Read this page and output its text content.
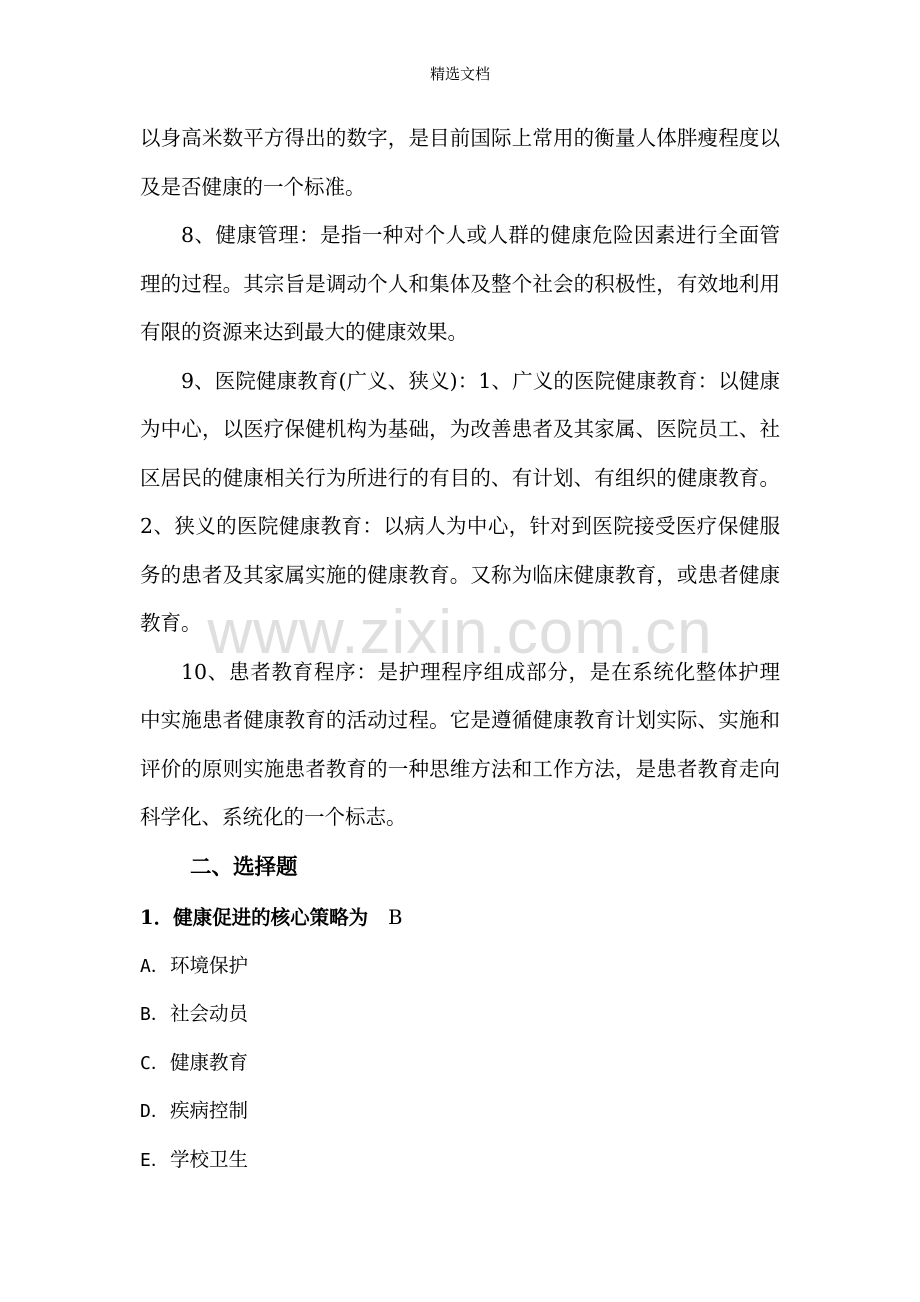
精选文档

以身高米数平方得出的数字，是目前国际上常用的衡量人体胖瘦程度以及是否健康的一个标准。

8、健康管理：是指一种对个人或人群的健康危险因素进行全面管理的过程。其宗旨是调动个人和集体及整个社会的积极性，有效地利用有限的资源来达到最大的健康效果。

9、医院健康教育(广义、狭义)：1、广义的医院健康教育：以健康为中心，以医疗保健机构为基础，为改善患者及其家属、医院员工、社区居民的健康相关行为所进行的有目的、有计划、有组织的健康教育。2、狭义的医院健康教育：以病人为中心，针对到医院接受医疗保健服务的患者及其家属实施的健康教育。又称为临床健康教育，或患者健康教育。

10、患者教育程序：是护理程序组成部分，是在系统化整体护理中实施患者健康教育的活动过程。它是遵循健康教育计划实际、实施和评价的原则实施患者教育的一种思维方法和工作方法，是患者教育走向科学化、系统化的一个标志。

二、选择题

1．健康促进的核心策略为 B

A．环境保护

B．社会动员

C．健康教育

D．疾病控制

E．学校卫生

www.zixin.com.cn
